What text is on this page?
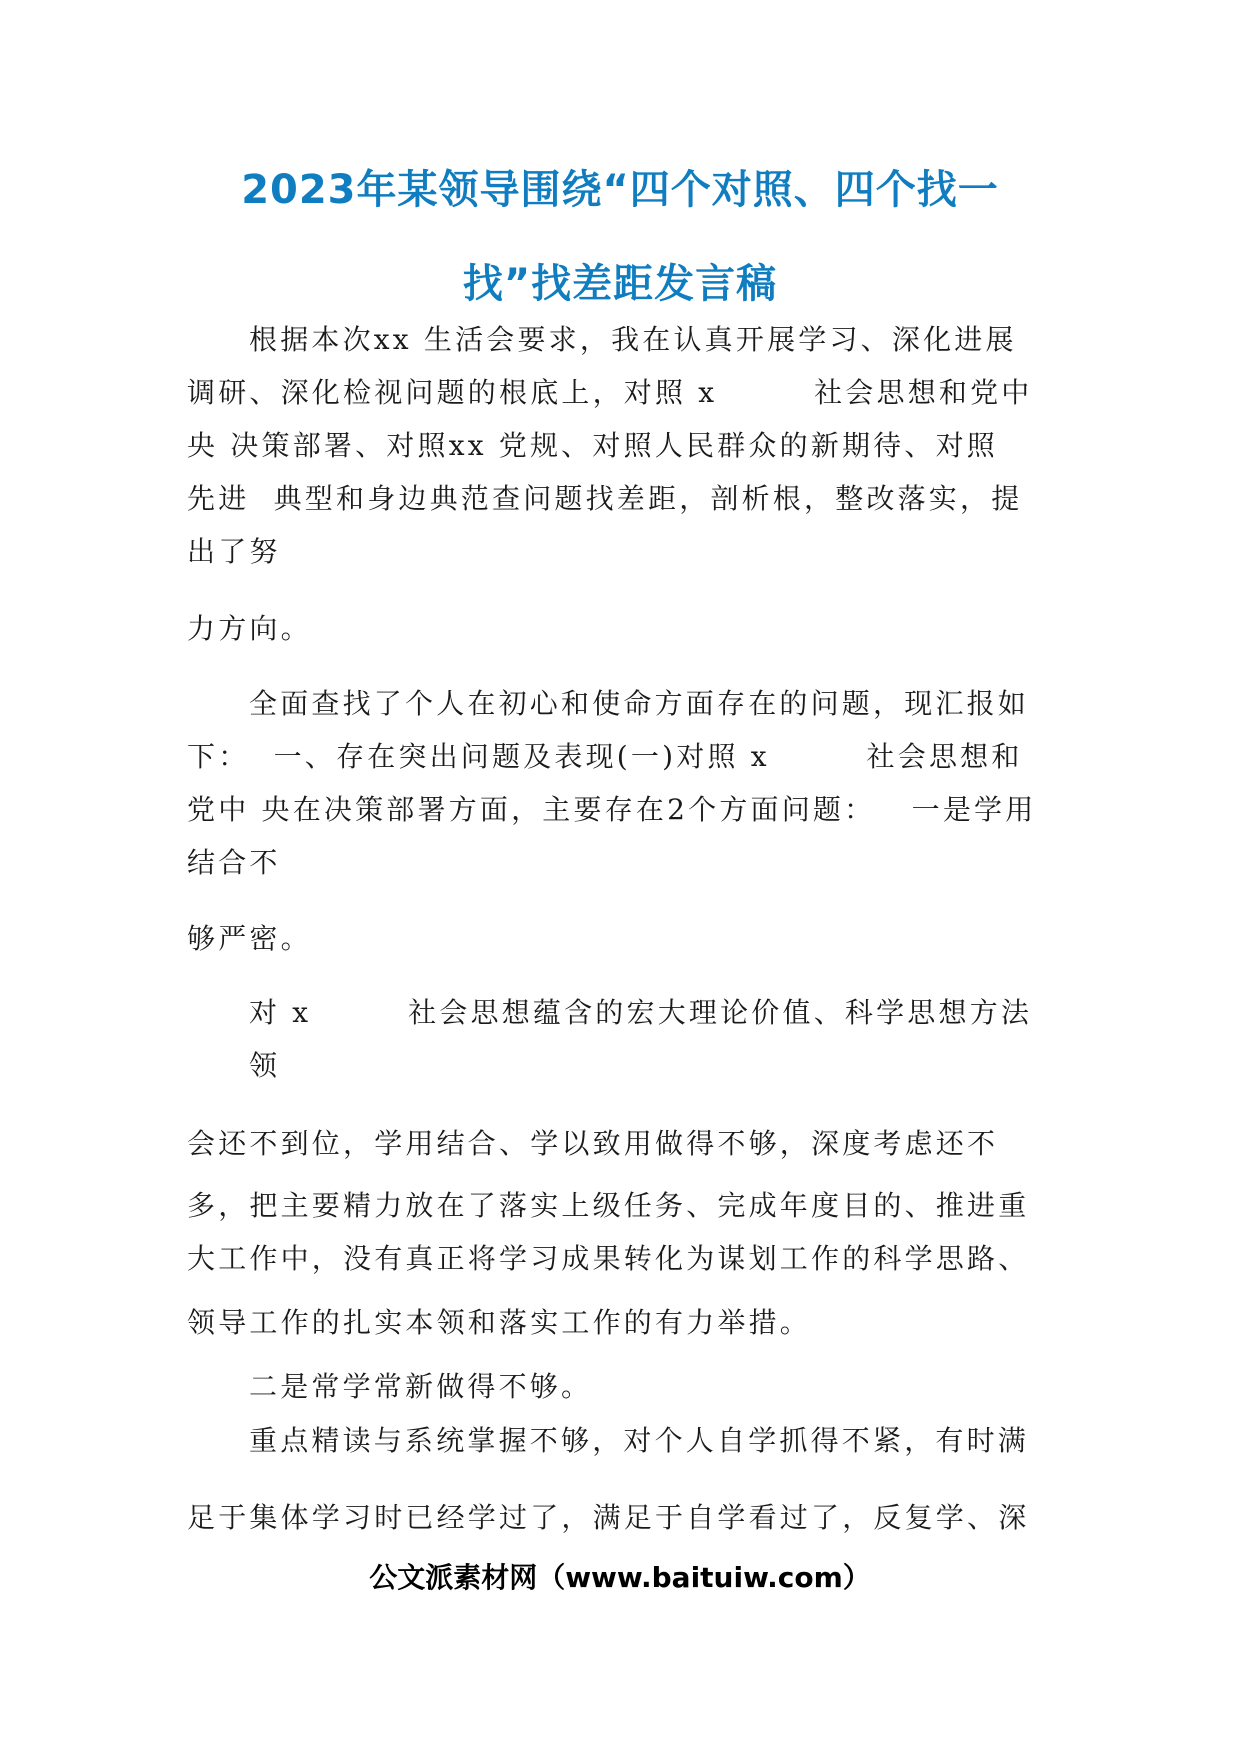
2023年某领导围绕“四个对照、四个找一
找”找差距发言稿
根据本次xx 生活会要求，我在认真开展学习、深化进展
调研、深化检视问题的根底上，对照 x        社会思想和党中
央 决策部署、对照xx 党规、对照人民群众的新期待、对照
先进  典型和身边典范查问题找差距，剖析根，整改落实，提
出了努
力方向。
全面查找了个人在初心和使命方面存在的问题，现汇报如
下：  一、存在突出问题及表现(一)对照 x        社会思想和
党中 央在决策部署方面，主要存在2个方面问题：   一是学用
结合不
够严密。
对 x        社会思想蕴含的宏大理论价值、科学思想方法
领
会还不到位，学用结合、学以致用做得不够，深度考虑还不
多，把主要精力放在了落实上级任务、完成年度目的、推进重
大工作中，没有真正将学习成果转化为谋划工作的科学思路、
领导工作的扎实本领和落实工作的有力举措。
二是常学常新做得不够。
重点精读与系统掌握不够，对个人自学抓得不紧，有时满
足于集体学习时已经学过了，满足于自学看过了，反复学、深
公文派素材网（www.baituiw.com）
